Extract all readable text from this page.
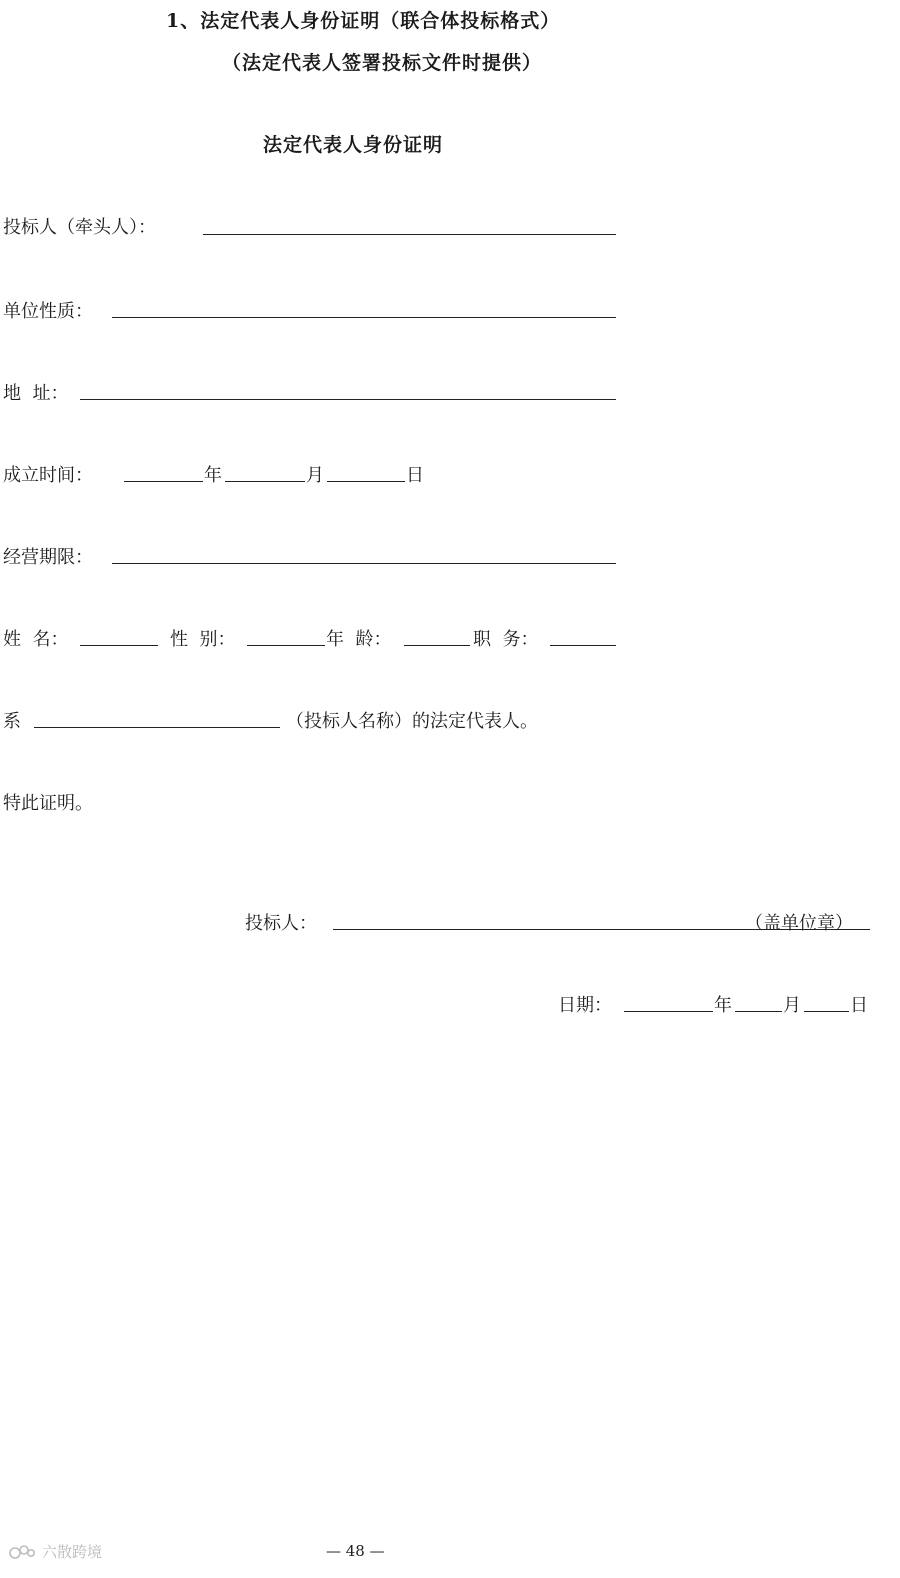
1、法定代表人身份证明（联合体投标格式）
（法定代表人签署投标文件时提供）
法定代表人身份证明
投标人（牵头人）：
单位性质：
地  址：
成立时间：	年	月	日
经营期限：
姓  名：	性  别：	年  龄：	职  务：
系	（投标人名称）的法定代表人。
特此证明。
投标人：	（盖单位章）
日期：	年	月	日
六散跨境	— 48 —
